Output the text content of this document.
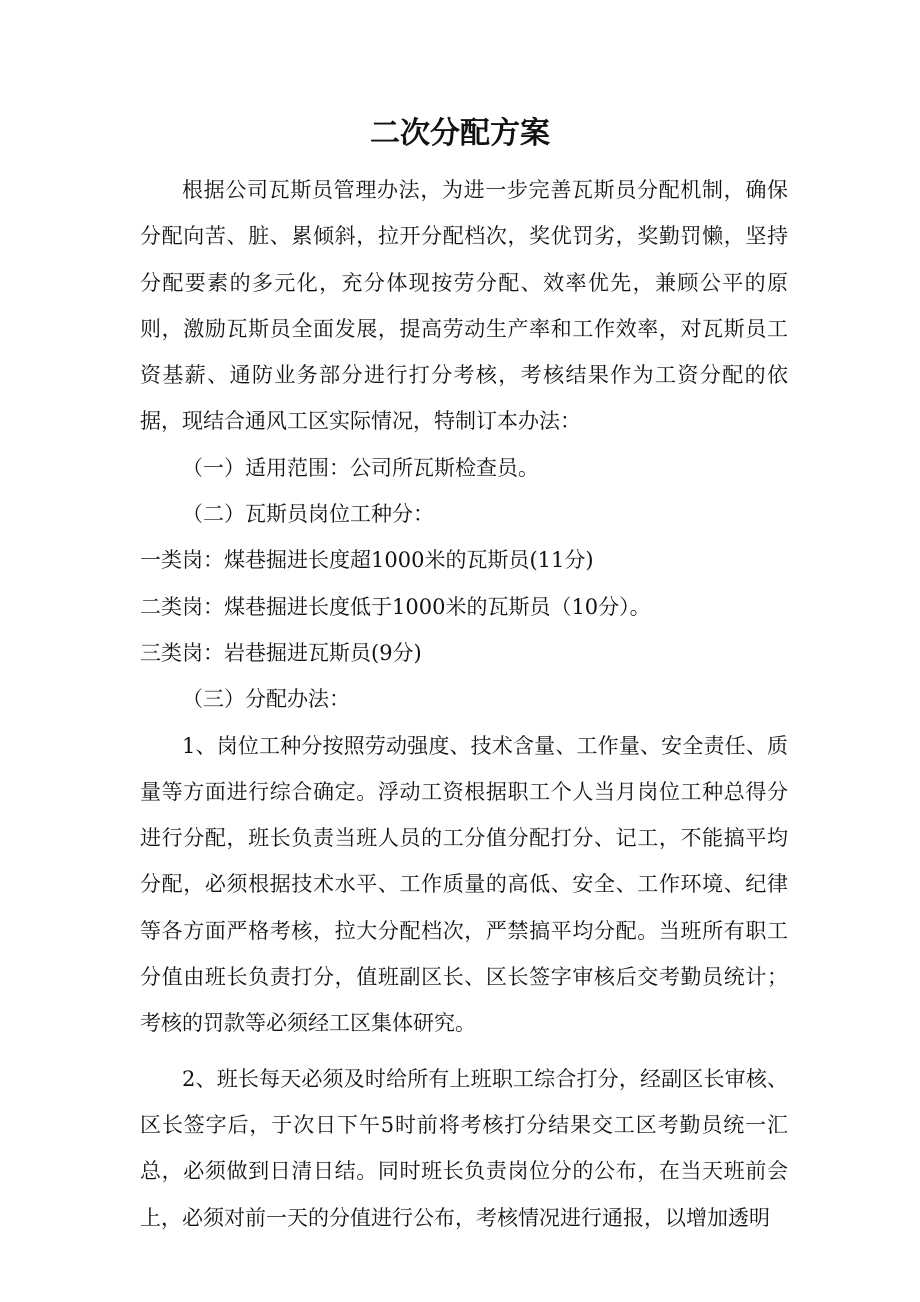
二次分配方案

根据公司瓦斯员管理办法，为进一步完善瓦斯员分配机制，确保分配向苦、脏、累倾斜，拉开分配档次，奖优罚劣，奖勤罚懒，坚持分配要素的多元化，充分体现按劳分配、效率优先，兼顾公平的原则，激励瓦斯员全面发展，提高劳动生产率和工作效率，对瓦斯员工资基薪、通防业务部分进行打分考核，考核结果作为工资分配的依据，现结合通风工区实际情况，特制订本办法：

（一）适用范围：公司所瓦斯检查员。

（二）瓦斯员岗位工种分：

一类岗：煤巷掘进长度超1000米的瓦斯员(11分)

二类岗：煤巷掘进长度低于1000米的瓦斯员（10分）。

三类岗：岩巷掘进瓦斯员(9分)

（三）分配办法：

1、岗位工种分按照劳动强度、技术含量、工作量、安全责任、质量等方面进行综合确定。浮动工资根据职工个人当月岗位工种总得分进行分配，班长负责当班人员的工分值分配打分、记工，不能搞平均分配，必须根据技术水平、工作质量的高低、安全、工作环境、纪律等各方面严格考核，拉大分配档次，严禁搞平均分配。当班所有职工分值由班长负责打分，值班副区长、区长签字审核后交考勤员统计；考核的罚款等必须经工区集体研究。

2、班长每天必须及时给所有上班职工综合打分，经副区长审核、区长签字后，于次日下午5时前将考核打分结果交工区考勤员统一汇总，必须做到日清日结。同时班长负责岗位分的公布，在当天班前会上，必须对前一天的分值进行公布，考核情况进行通报，以增加透明
